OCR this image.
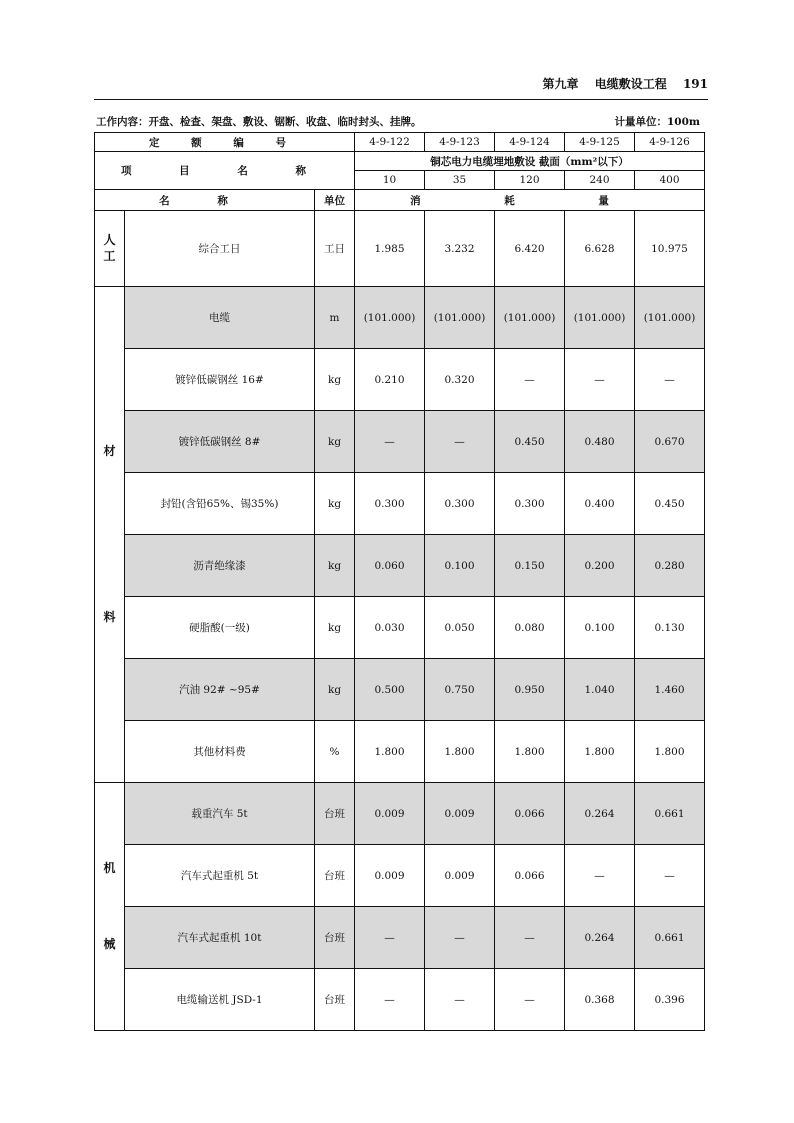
第九章 电缆敷设工程 191
工作内容：开盘、检查、架盘、敷设、锯断、收盘、临时封头、挂牌。	计量单位：100m
定 额 编 号			4-9-122	4-9-123	4-9-124	4-9-125	4-9-126
项 目 名 称			铜芯电力电缆埋地敷设 截面（mm²以下）				
			10	35	120	240	400
名 称		单位	消 耗 量				

人
工	综合工日	工日	1.985	3.232	6.420	6.628	10.975

材
料	电缆	m	(101.000)	(101.000)	(101.000)	(101.000)	(101.000)
	镀锌低碳钢丝 16#	kg	0.210	0.320	—	—	—
	镀锌低碳钢丝 8#	kg	—	—	0.450	0.480	0.670
	封铅(含铅65%、锡35%)	kg	0.300	0.300	0.300	0.400	0.450
	沥青绝缘漆	kg	0.060	0.100	0.150	0.200	0.280
	硬脂酸(一级)	kg	0.030	0.050	0.080	0.100	0.130
	汽油 92# ~95#	kg	0.500	0.750	0.950	1.040	1.460
	其他材料费	%	1.800	1.800	1.800	1.800	1.800

机
械	载重汽车 5t	台班	0.009	0.009	0.066	0.264	0.661
	汽车式起重机 5t	台班	0.009	0.009	0.066	—	—
	汽车式起重机 10t	台班	—	—	—	0.264	0.661
	电缆输送机 JSD-1	台班	—	—	—	0.368	0.396
